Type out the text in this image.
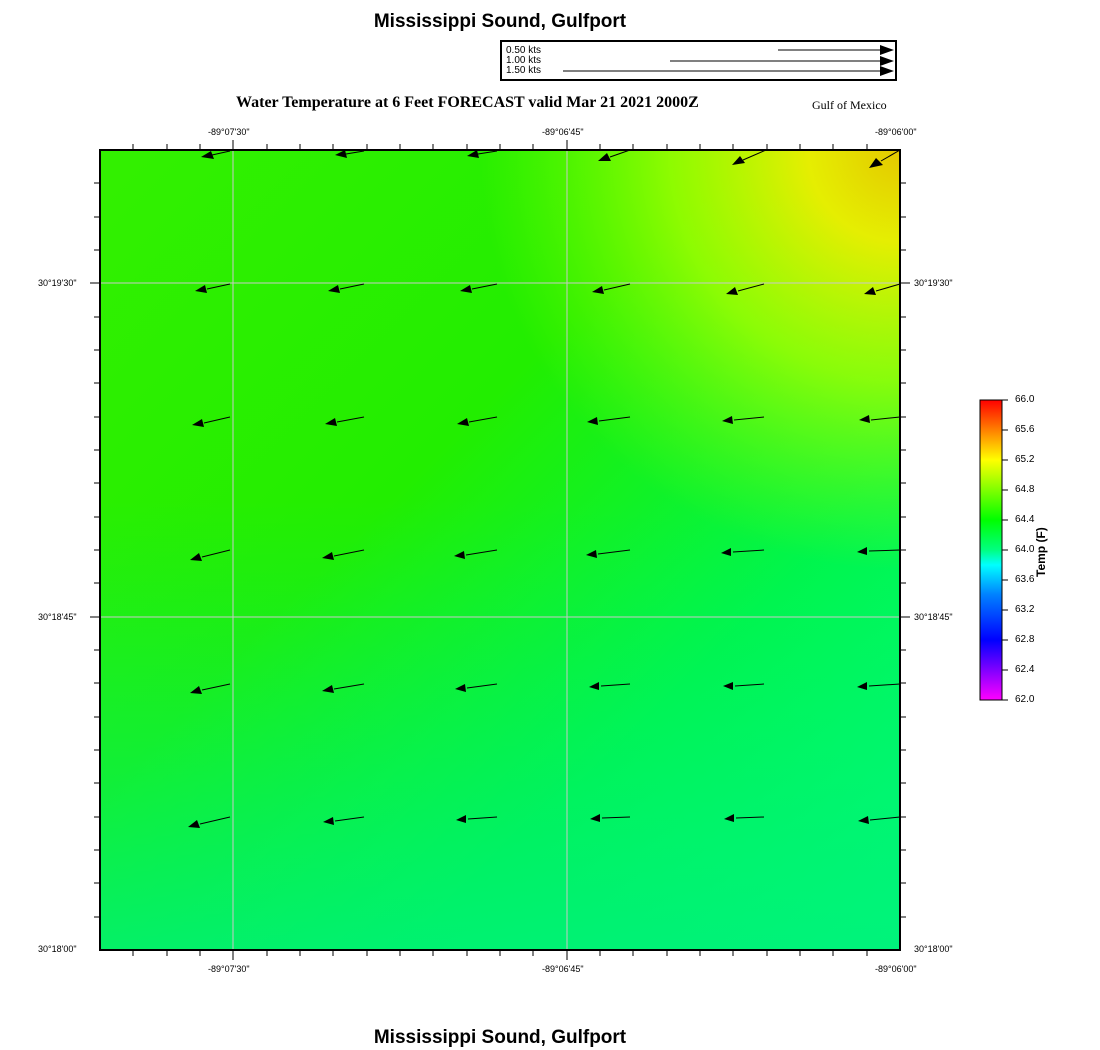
Mississippi Sound, Gulfport
0.50 kts
1.00 kts
1.50 kts
Water Temperature at 6 Feet FORECAST valid Mar 21 2021 2000Z	Gulf of Mexico
-89°07'30"	-89°06'45"	-89°06'00"
-89°07'30"	-89°06'45"	-89°06'00"
30°19'30"
30°18'45"
30°18'00"
30°19'30"
30°18'45"
30°18'00"
66.0
65.6
65.2
64.8
64.4
64.0
63.6
63.2
62.8
62.4
62.0
Temp (F)
Mississippi Sound, Gulfport
